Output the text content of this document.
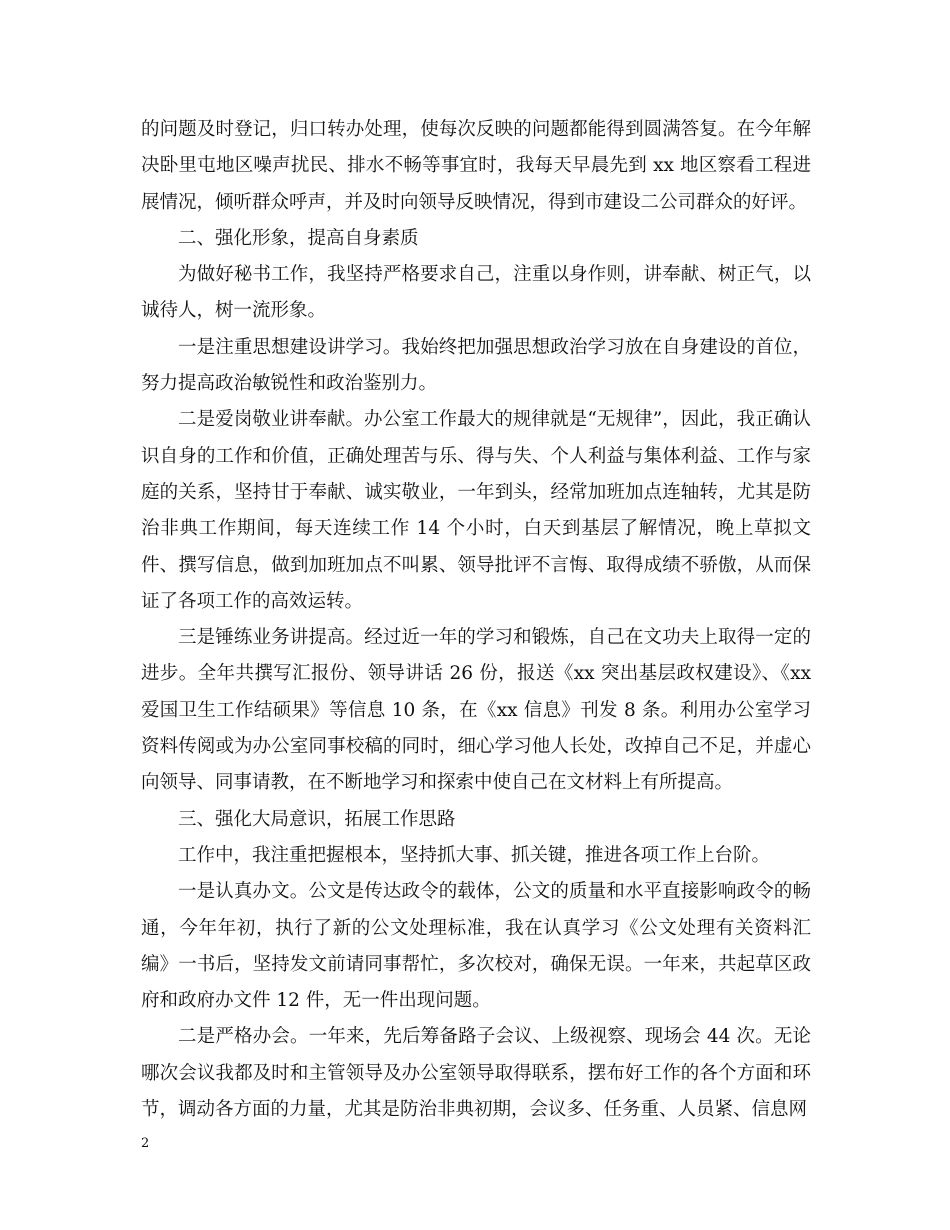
的问题及时登记，归口转办处理，使每次反映的问题都能得到圆满答复。在今年解决卧里屯地区噪声扰民、排水不畅等事宜时，我每天早晨先到 xx 地区察看工程进展情况，倾听群众呼声，并及时向领导反映情况，得到市建设二公司群众的好评。

二、强化形象，提高自身素质

为做好秘书工作，我坚持严格要求自己，注重以身作则，讲奉献、树正气，以诚待人，树一流形象。

一是注重思想建设讲学习。我始终把加强思想政治学习放在自身建设的首位，努力提高政治敏锐性和政治鉴别力。

二是爱岗敬业讲奉献。办公室工作最大的规律就是“无规律”，因此，我正确认识自身的工作和价值，正确处理苦与乐、得与失、个人利益与集体利益、工作与家庭的关系，坚持甘于奉献、诚实敬业，一年到头，经常加班加点连轴转，尤其是防治非典工作期间，每天连续工作 14 个小时，白天到基层了解情况，晚上草拟文件、撰写信息，做到加班加点不叫累、领导批评不言悔、取得成绩不骄傲，从而保证了各项工作的高效运转。

三是锤练业务讲提高。经过近一年的学习和锻炼，自己在文功夫上取得一定的进步。全年共撰写汇报份、领导讲话 26 份，报送《xx 突出基层政权建设》、《xx 爱国卫生工作结硕果》等信息 10 条，在《xx 信息》刊发 8 条。利用办公室学习资料传阅或为办公室同事校稿的同时，细心学习他人长处，改掉自己不足，并虚心向领导、同事请教，在不断地学习和探索中使自己在文材料上有所提高。

三、强化大局意识，拓展工作思路

工作中，我注重把握根本，坚持抓大事、抓关键，推进各项工作上台阶。

一是认真办文。公文是传达政令的载体，公文的质量和水平直接影响政令的畅通，今年年初，执行了新的公文处理标准，我在认真学习《公文处理有关资料汇编》一书后，坚持发文前请同事帮忙，多次校对，确保无误。一年来，共起草区政府和政府办文件 12 件，无一件出现问题。

二是严格办会。一年来，先后筹备路子会议、上级视察、现场会 44 次。无论哪次会议我都及时和主管领导及办公室领导取得联系，摆布好工作的各个方面和环节，调动各方面的力量，尤其是防治非典初期，会议多、任务重、人员紧、信息网

2
